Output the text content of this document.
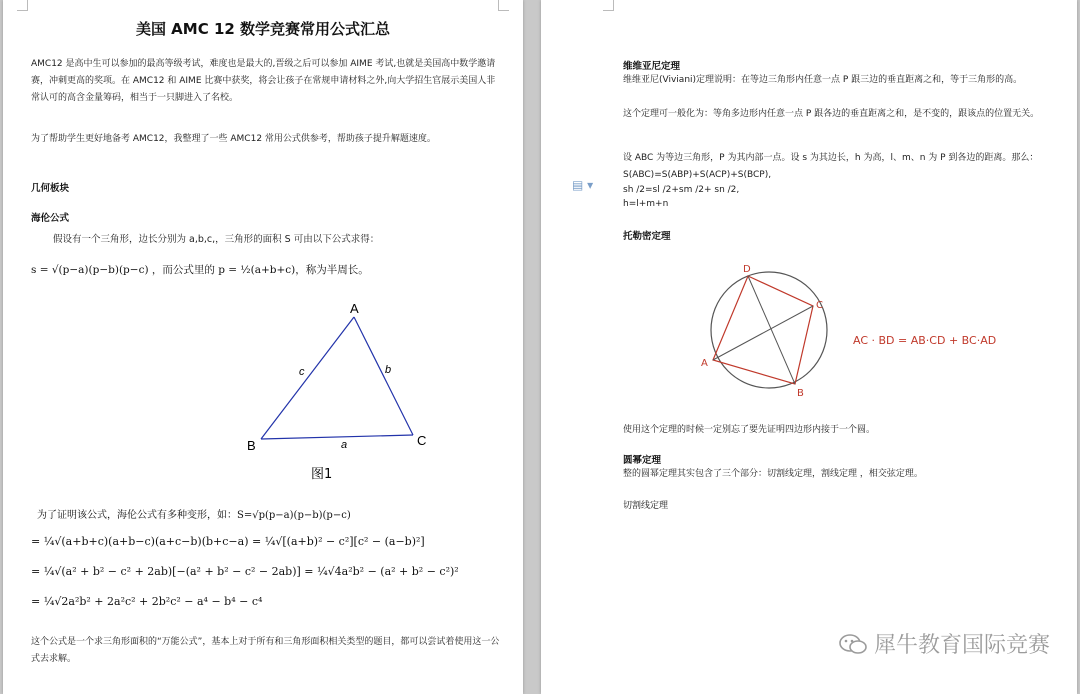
美国 AMC 12 数学竞赛常用公式汇总
AMC12 是高中生可以参加的最高等级考试，难度也是最大的,晋级之后可以参加 AIME 考试,也就是美国高中数学邀请赛，冲刺更高的奖项。在 AMC12 和 AIME 比赛中获奖，将会让孩子在常规申请材料之外,向大学招生官展示美国人非常认可的高含金量筹码，相当于一只脚进入了名校。
为了帮助学生更好地备考 AMC12，我整理了一些 AMC12 常用公式供参考，帮助孩子提升解题速度。
几何板块
海伦公式
假设有一个三角形，边长分别为 a,b,c,，三角形的面积 S 可由以下公式求得：
s = √(p−a)(p−b)(p−c) ，而公式里的 p = ½(a+b+c)，称为半周长。
A
B	C
a
b
c
图1
为了证明该公式，海伦公式有多种变形，如：S=√p(p−a)(p−b)(p−c)
= ¼√(a+b+c)(a+b−c)(a+c−b)(b+c−a) = ¼√[(a+b)² − c²][c² − (a−b)²]
= ¼√(a² + b² − c² + 2ab)[−(a² + b² − c² − 2ab)] = ¼√4a²b² − (a² + b² − c²)²
= ¼√2a²b² + 2a²c² + 2b²c² − a⁴ − b⁴ − c⁴
这个公式是一个求三角形面积的“万能公式”，基本上对于所有和三角形面积相关类型的题目，都可以尝试着使用这一公式去求解。
维维亚尼定理
维维亚尼(Viviani)定理说明：在等边三角形内任意一点 P 跟三边的垂直距离之和，等于三角形的高。
这个定理可一般化为：等角多边形内任意一点 P 跟各边的垂直距离之和，是不变的，跟该点的位置无关。
设 ABC 为等边三角形，P 为其内部一点。设 s 为其边长，h 为高，l、m、n 为 P 到各边的距离。那么：S(ABC)=S(ABP)+S(ACP)+S(BCP),
sh /2=sl /2+sm /2+ sn /2,
h=l+m+n
托勒密定理
D
C
B
A
AC · BD = AB·CD + BC·AD
使用这个定理的时候一定别忘了要先证明四边形内接于一个圆。
圆幂定理
整的圆幂定理其实包含了三个部分：切割线定理，割线定理 ，相交弦定理。
切割线定理
▤ ▾
犀牛教育国际竞赛
